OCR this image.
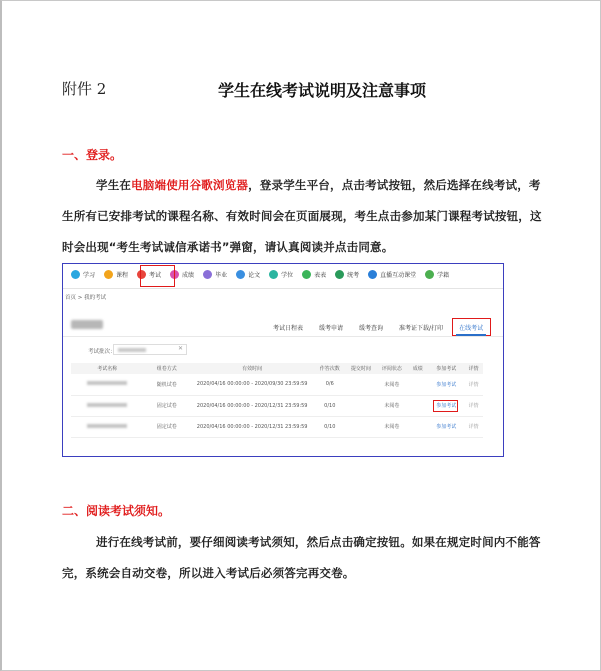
附件 2	学生在线考试说明及注意事项
一、登录。
学生在电脑端使用谷歌浏览器，登录学生平台，点击考试按钮，然后选择在线考试，考生所有已安排考试的课程名称、有效时间会在页面展现，考生点击参加某门课程考试按钮，这时会出现“考生考试诚信承诺书”弹窗，请认真阅读并点击同意。
学习	课程	考试	成绩	毕业	论文	学位	表表	统考	直播互动课堂	学籍
首页 > 我的考试
考试日程表	缓考申请	缓考查询	准考证下载/打印	在线考试
考试批次：	✕
考试名称	组卷方式	有效时间	作答次数	提交时间	评阅状态	成绩	参加考试	详情
	随机试卷	2020/04/16 00:00:00 - 2020/09/30 23:59:59	0/6		未阅卷		参加考试	详情
	固定试卷	2020/04/16 00:00:00 - 2020/12/31 23:59:59	0/10		未阅卷		参加考试	详情
	固定试卷	2020/04/16 00:00:00 - 2020/12/31 23:59:59	0/10		未阅卷		参加考试	详情
二、阅读考试须知。
进行在线考试前，要仔细阅读考试须知，然后点击确定按钮。如果在规定时间内不能答完，系统会自动交卷，所以进入考试后必须答完再交卷。
